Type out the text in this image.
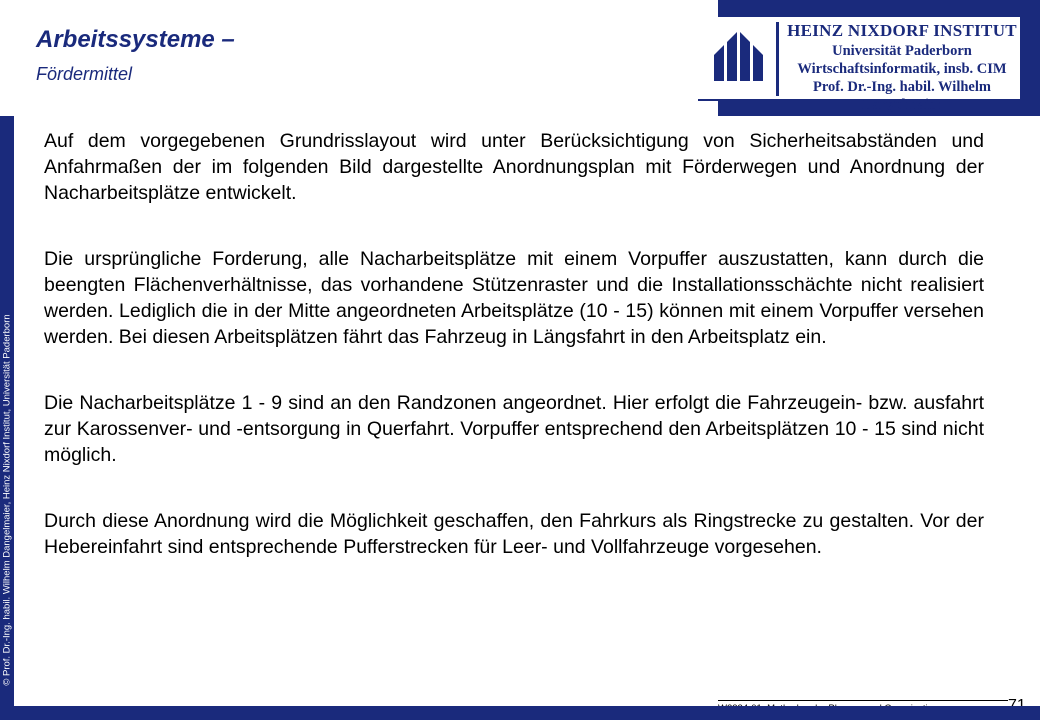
Arbeitssysteme –
Fördermittel
HEINZ NIXDORF INSTITUT
Universität Paderborn
Wirtschaftsinformatik, insb. CIM
Prof. Dr.-Ing. habil. Wilhelm Dangelmaier
© Prof. Dr.-Ing. habil. Wilhelm Dangelmaier, Heinz Nixdorf Institut, Universität Paderborn

Auf dem vorgegebenen Grundrisslayout wird unter Berücksichtigung von Sicherheitsabständen und Anfahrmaßen der im folgenden Bild dargestellte Anordnungsplan mit Förderwegen und Anordnung der Nacharbeitsplätze entwickelt.

Die ursprüngliche Forderung, alle Nacharbeitsplätze mit einem Vorpuffer auszustatten, kann durch die beengten Flächenverhältnisse, das vorhandene Stützenraster und die Installationsschächte nicht realisiert werden. Lediglich die in der Mitte angeordneten Arbeitsplätze (10 - 15) können mit einem Vorpuffer versehen werden. Bei diesen Arbeitsplätzen fährt das Fahrzeug in Längsfahrt in den Arbeitsplatz ein.

Die Nacharbeitsplätze 1 - 9 sind an den Randzonen angeordnet. Hier erfolgt die Fahrzeugein- bzw. ausfahrt zur Karossenver- und -entsorgung in Querfahrt. Vorpuffer entsprechend den Arbeitsplätzen 10 - 15 sind nicht möglich.

Durch diese Anordnung wird die Möglichkeit geschaffen, den Fahrkurs als Ringstrecke zu gestalten. Vor der Hebereinfahrt sind entsprechende Pufferstrecken für Leer- und Vollfahrzeuge vorgesehen.
